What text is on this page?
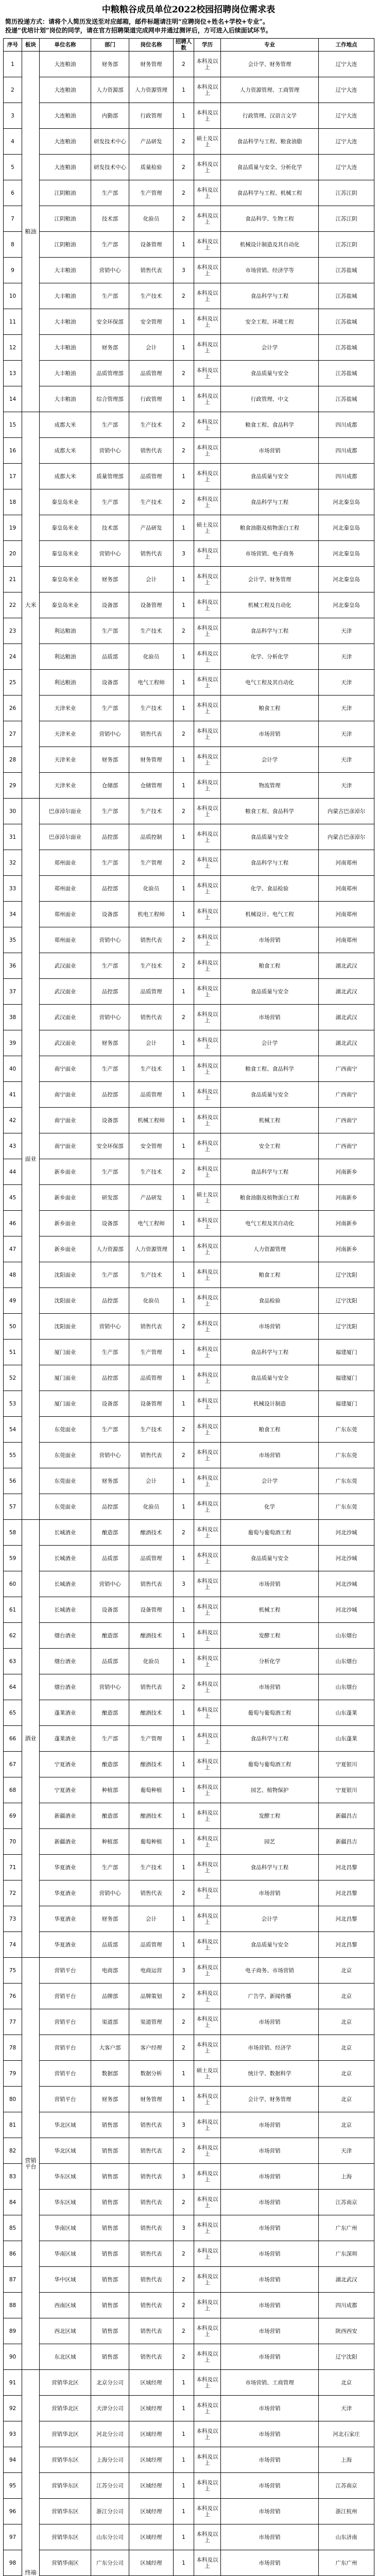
中粮粮谷成员单位2022校园招聘岗位需求表
简历投递方式：请将个人简历发送至对应邮箱，邮件标题请注明“应聘岗位+姓名+学校+专业”。
投递“优培计划”岗位的同学，请在官方招聘渠道完成网申并通过测评后，方可进入后续面试环节。
序号	板块	单位名称	部门	岗位名称	招聘人数	学历	专业	工作地点
1	粮油	大连粮油	财务部	财务管理	2	本科及以上	会计学、财务管理	辽宁大连
2		大连粮油	人力资源部	人力资源管理	1	本科及以上	人力资源管理、工商管理	辽宁大连
3		大连粮油	内勤部	行政管理	1	本科及以上	行政管理、汉语言文学	辽宁大连
4		大连粮油	研发技术中心	产品研发	2	硕士及以上	食品科学与工程、粮食油脂	辽宁大连
5		大连粮油	研发技术中心	质量检验	2	本科及以上	食品质量与安全、分析化学	辽宁大连
6		江阴粮油	生产部	生产管理	2	本科及以上	食品科学与工程、机械工程	江苏江阴
7		江阴粮油	技术部	化验员	2	本科及以上	食品科学、生物工程	江苏江阴
8		江阴粮油	生产部	设备管理	1	本科及以上	机械设计制造及其自动化	江苏江阴
9		大丰粮油	营销中心	销售代表	3	本科及以上	市场营销、经济学等	江苏盐城
10		大丰粮油	生产部	生产技术	2	本科及以上	食品科学与工程	江苏盐城
11		大丰粮油	安全环保部	安全管理	1	本科及以上	安全工程、环境工程	江苏盐城
12		大丰粮油	财务部	会计	1	本科及以上	会计学	江苏盐城
13		大丰粮油	品质管理部	品质管理	2	本科及以上	食品质量与安全	江苏盐城
14		大丰粮油	综合管理部	行政管理	1	本科及以上	行政管理、中文	江苏盐城
15	大米	成都大米	生产部	生产技术	2	本科及以上	粮食工程、食品科学	四川成都
16		成都大米	营销中心	销售代表	2	本科及以上	市场营销	四川成都
17		成都大米	质量管理部	品质管理	1	本科及以上	食品质量与安全	四川成都
18		秦皇岛米业	生产部	生产技术	2	本科及以上	食品科学与工程	河北秦皇岛
19		秦皇岛米业	技术部	产品研发	1	硕士及以上	粮食油脂及植物蛋白工程	河北秦皇岛
20		秦皇岛米业	营销中心	销售代表	3	本科及以上	市场营销、电子商务	河北秦皇岛
21		秦皇岛米业	财务部	会计	1	本科及以上	会计学、财务管理	河北秦皇岛
22		秦皇岛米业	设备部	设备管理	1	本科及以上	机械工程及自动化	河北秦皇岛
23		利达粮油	生产部	生产技术	2	本科及以上	食品科学与工程	天津
24		利达粮油	品质部	化验员	1	本科及以上	化学、分析化学	天津
25		利达粮油	设备部	电气工程师	1	本科及以上	电气工程及其自动化	天津
26		天津米业	生产部	生产技术	1	本科及以上	粮食工程	天津
27		天津米业	营销中心	销售代表	2	本科及以上	市场营销	天津
28		天津米业	财务部	财务管理	1	本科及以上	会计学	天津
29		天津米业	仓储部	仓储管理	1	本科及以上	物流管理	天津
30	面业	巴彦淖尔面业	生产部	生产技术	2	本科及以上	粮食工程、食品科学	内蒙古巴彦淖尔
31		巴彦淖尔面业	品控部	品质控制	1	本科及以上	食品质量与安全	内蒙古巴彦淖尔
32		郑州面业	生产部	生产管理	2	本科及以上	食品科学与工程	河南郑州
33		郑州面业	品控部	化验员	1	本科及以上	化学、食品检验	河南郑州
34		郑州面业	设备部	机电工程师	1	本科及以上	机械设计、电气工程	河南郑州
35		郑州面业	营销中心	销售代表	2	本科及以上	市场营销	河南郑州
36		武汉面业	生产部	生产技术	2	本科及以上	粮食工程	湖北武汉
37		武汉面业	品控部	品质管理	1	本科及以上	食品质量与安全	湖北武汉
38		武汉面业	营销中心	销售代表	2	本科及以上	市场营销	湖北武汉
39		武汉面业	财务部	会计	1	本科及以上	会计学	湖北武汉
40		南宁面业	生产部	生产技术	1	本科及以上	粮食工程、食品科学	广西南宁
41		南宁面业	品控部	品质管理	1	本科及以上	食品质量与安全	广西南宁
42		南宁面业	设备部	机械工程师	1	本科及以上	机械工程	广西南宁
43		南宁面业	安全环保部	安全管理	1	本科及以上	安全工程	广西南宁
44		新乡面业	生产部	生产技术	2	本科及以上	食品科学与工程	河南新乡
45		新乡面业	研发部	产品研发	1	硕士及以上	粮食油脂及植物蛋白工程	河南新乡
46		新乡面业	设备部	电气工程师	1	本科及以上	电气工程及其自动化	河南新乡
47		新乡面业	人力资源部	人力资源管理	1	本科及以上	人力资源管理	河南新乡
48		沈阳面业	生产部	生产技术	1	本科及以上	粮食工程	辽宁沈阳
49		沈阳面业	品控部	化验员	1	本科及以上	食品检验	辽宁沈阳
50		沈阳面业	营销中心	销售代表	2	本科及以上	市场营销	辽宁沈阳
51		厦门面业	生产部	生产管理	1	本科及以上	食品科学与工程	福建厦门
52		厦门面业	品控部	品质管理	1	本科及以上	食品质量与安全	福建厦门
53		厦门面业	设备部	设备管理	1	本科及以上	机械设计制造	福建厦门
54		东莞面业	生产部	生产技术	2	本科及以上	粮食工程	广东东莞
55		东莞面业	营销中心	销售代表	2	本科及以上	市场营销	广东东莞
56		东莞面业	财务部	会计	1	本科及以上	会计学	广东东莞
57		东莞面业	品控部	化验员	1	本科及以上	化学	广东东莞
58	酒业	长城酒业	酿造部	酿酒技术	2	本科及以上	葡萄与葡萄酒工程	河北沙城
59		长城酒业	品质部	品质管理	1	本科及以上	食品质量与安全	河北沙城
60		长城酒业	营销中心	销售代表	3	本科及以上	市场营销	河北沙城
61		长城酒业	设备部	设备管理	1	本科及以上	机械工程	河北沙城
62		烟台酒业	酿造部	酿酒技术	1	本科及以上	发酵工程	山东烟台
63		烟台酒业	品质部	化验员	1	本科及以上	分析化学	山东烟台
64		烟台酒业	营销中心	销售代表	2	本科及以上	市场营销	山东烟台
65		蓬莱酒业	酿造部	酿酒技术	1	本科及以上	葡萄与葡萄酒工程	山东蓬莱
66		蓬莱酒业	生产部	生产管理	1	本科及以上	食品科学与工程	山东蓬莱
67		宁夏酒业	酿造部	酿酒技术	1	本科及以上	葡萄与葡萄酒工程	宁夏银川
68		宁夏酒业	种植部	葡萄种植	1	本科及以上	园艺、植物保护	宁夏银川
69		新疆酒业	酿造部	酿酒技术	1	本科及以上	发酵工程	新疆昌吉
70		新疆酒业	种植部	葡萄种植	1	本科及以上	园艺	新疆昌吉
71		华夏酒业	生产部	生产技术	1	本科及以上	食品科学与工程	河北昌黎
72		华夏酒业	营销中心	销售代表	2	本科及以上	市场营销	河北昌黎
73		华夏酒业	财务部	会计	1	本科及以上	会计学	河北昌黎
74		华夏酒业	品质部	品质管理	1	本科及以上	食品质量与安全	河北昌黎
75	营销平台	营销平台	电商部	电商运营	3	本科及以上	电子商务、市场营销	北京
76		营销平台	品牌部	品牌策划	2	本科及以上	广告学、新闻传播	北京
77		营销平台	渠道部	渠道管理	2	本科及以上	市场营销	北京
78		营销平台	大客户部	客户经理	2	本科及以上	市场营销、经济学	北京
79		营销平台	数据部	数据分析	1	硕士及以上	统计学、数据科学	北京
80		营销平台	财务部	财务管理	1	本科及以上	会计学、财务管理	北京
81		华北区域	销售部	销售代表	3	本科及以上	市场营销	北京
82		华北区域	销售部	销售代表	2	本科及以上	市场营销	天津
83		华东区域	销售部	销售代表	3	本科及以上	市场营销	上海
84		华东区域	销售部	销售代表	2	本科及以上	市场营销	江苏南京
85		华南区域	销售部	销售代表	3	本科及以上	市场营销	广东广州
86		华南区域	销售部	销售代表	2	本科及以上	市场营销	广东深圳
87		华中区域	销售部	销售代表	2	本科及以上	市场营销	湖北武汉
88		西南区域	销售部	销售代表	2	本科及以上	市场营销	四川成都
89		西北区域	销售部	销售代表	2	本科及以上	市场营销	陕西西安
90		东北区域	销售部	销售代表	2	本科及以上	市场营销	辽宁沈阳
91	终端	营销华北区	北京分公司	区域经理	1	本科及以上	市场营销、工商管理	北京
92		营销华北区	天津分公司	区域经理	1	本科及以上	市场营销	天津
93		营销华北区	河北分公司	区域经理	1	本科及以上	市场营销	河北石家庄
94		营销华东区	上海分公司	区域经理	1	本科及以上	市场营销	上海
95		营销华东区	江苏分公司	区域经理	1	本科及以上	市场营销	江苏南京
96		营销华东区	浙江分公司	区域经理	1	本科及以上	市场营销	浙江杭州
97		营销华东区	山东分公司	区域经理	1	本科及以上	市场营销	山东济南
98		营销华南区	广东分公司	区域经理	1	本科及以上	市场营销	广东广州
